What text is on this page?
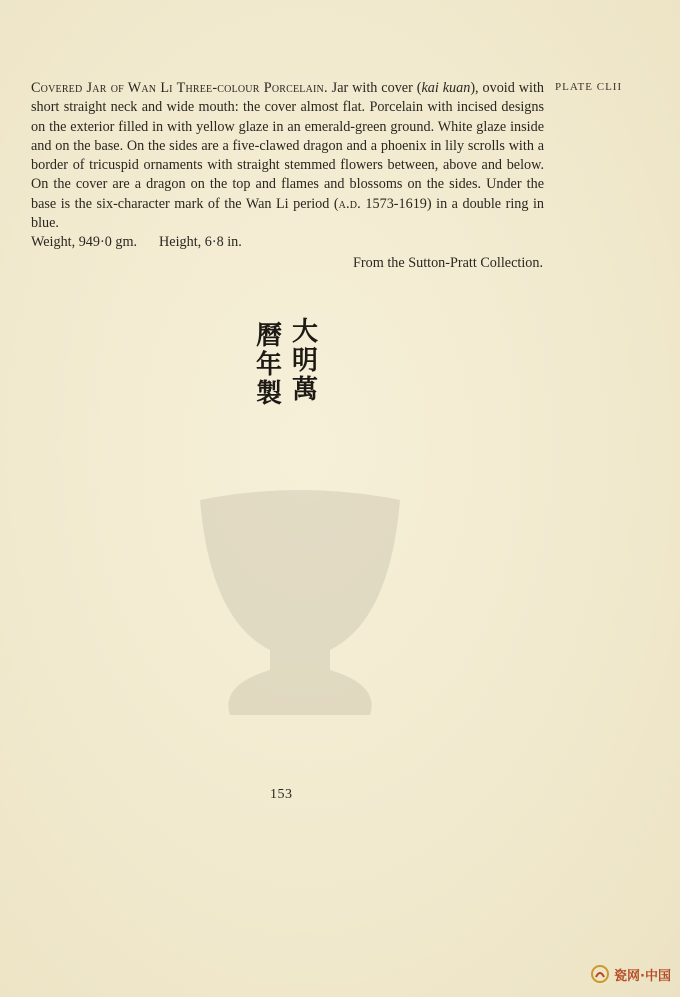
PLATE CLII

Covered Jar of Wan Li Three-colour Porcelain. Jar with cover (kai kuan), ovoid with short straight neck and wide mouth: the cover almost flat. Porcelain with incised designs on the exterior filled in with yellow glaze in an emerald-green ground. White glaze inside and on the base. On the sides are a five-clawed dragon and a phoenix in lily scrolls with a border of tricuspid ornaments with straight stemmed flowers between, above and below. On the cover are a dragon on the top and flames and blossoms on the sides. Under the base is the six-character mark of the Wan Li period (a.d. 1573-1619) in a double ring in blue.

Weight, 949·0 gm. Height, 6·8 in.
From the Sutton-Pratt Collection.
大
明
萬
曆
年
製
153
瓷网·中国
